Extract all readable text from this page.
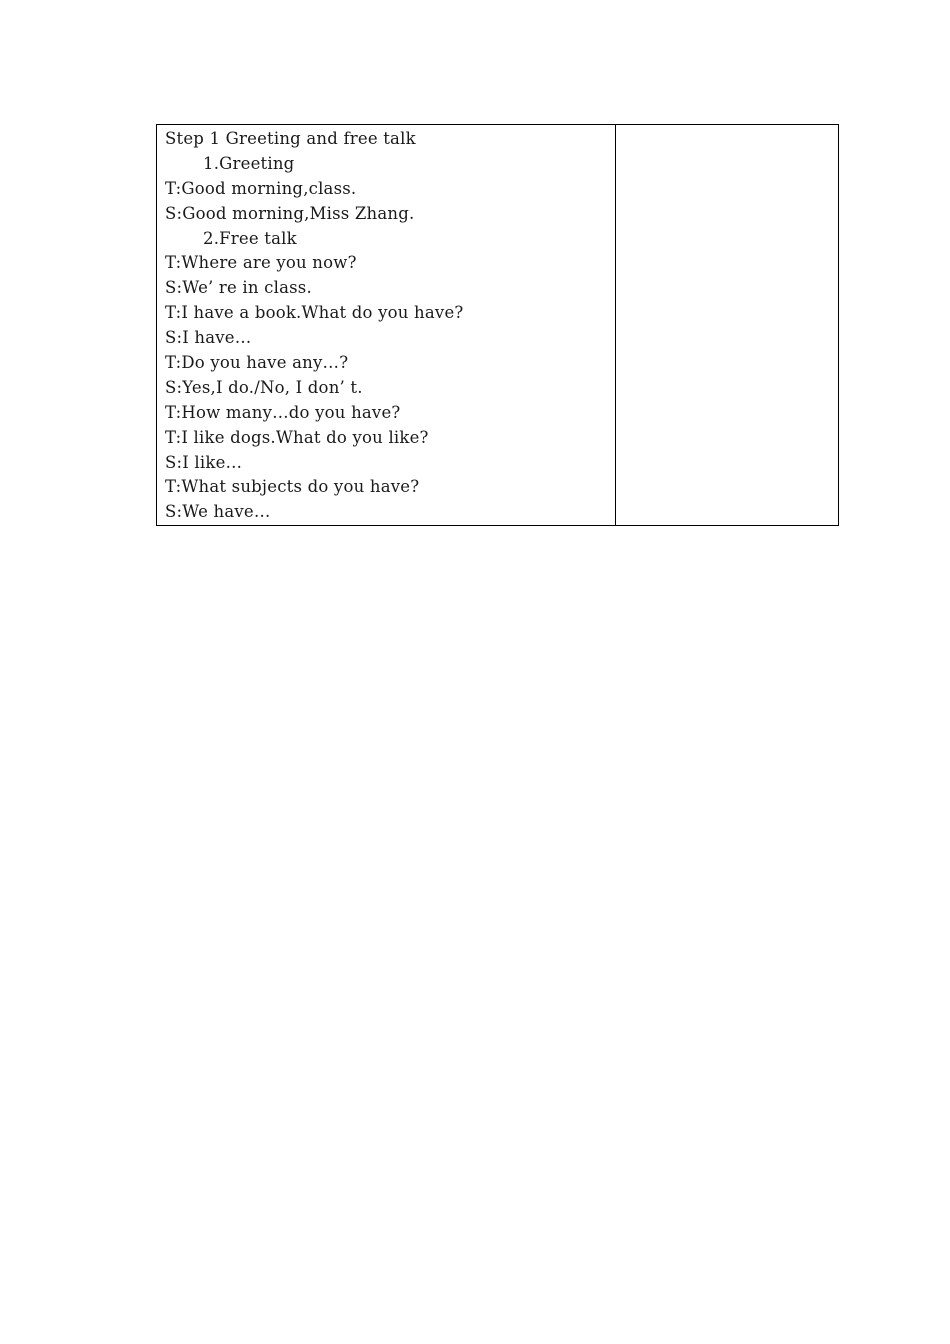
Step 1 Greeting and free talk
1.Greeting
T:Good morning,class.
S:Good morning,Miss Zhang.
2.Free talk
T:Where are you now?
S:We’ re in class.
T:I have a book.What do you have?
S:I have…
T:Do you have any…?
S:Yes,I do./No, I don’ t.
T:How many…do you have?
T:I like dogs.What do you like?
S:I like…
T:What subjects do you have?
S:We have…
